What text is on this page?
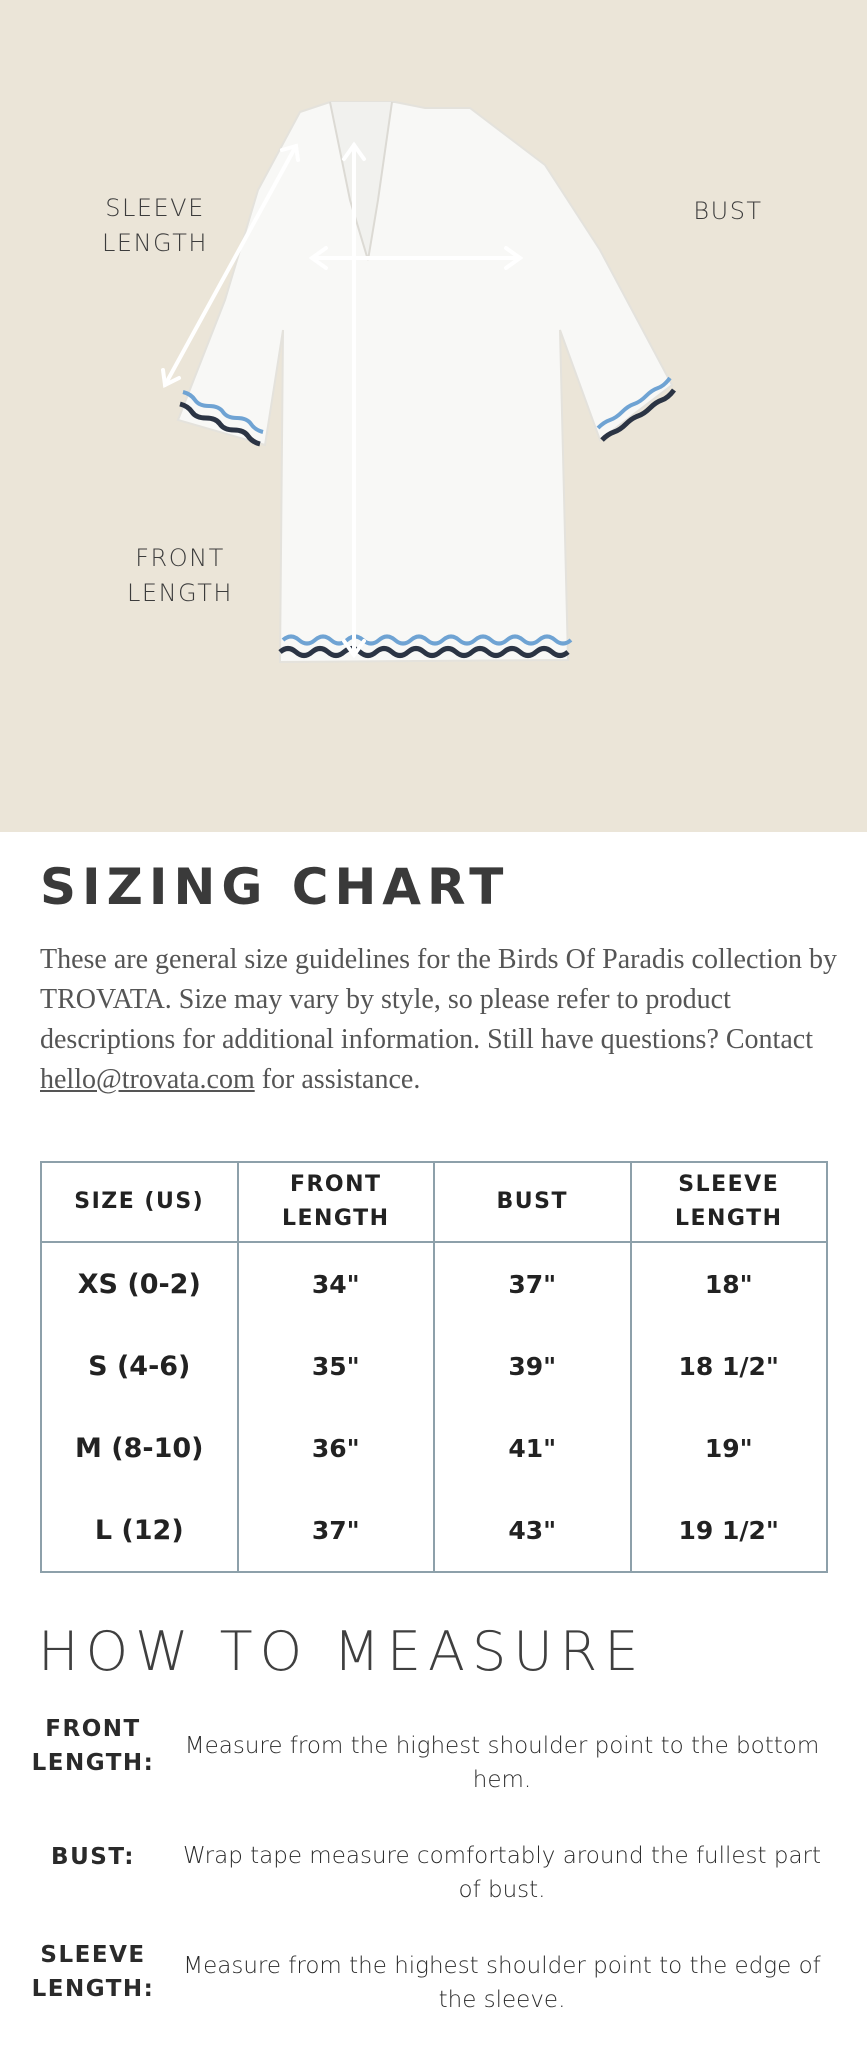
SLEEVE
LENGTH
BUST
FRONT
LENGTH
SIZING CHART

These are general size guidelines for the Birds Of Paradis collection by TROVATA. Size may vary by style, so please refer to product descriptions for additional information. Still have questions? Contact hello@trovata.com for assistance.

SIZE (US)	FRONT LENGTH	BUST	SLEEVE LENGTH
XS (0-2)	34"	37"	18"
S (4-6)	35"	39"	18 1/2"
M (8-10)	36"	41"	19"
L (12)	37"	43"	19 1/2"
HOW TO MEASURE
FRONT LENGTH:
Measure from the highest shoulder point to the bottom hem.
BUST:	Wrap tape measure comfortably around the fullest part of bust.
SLEEVE LENGTH:
Measure from the highest shoulder point to the edge of the sleeve.
